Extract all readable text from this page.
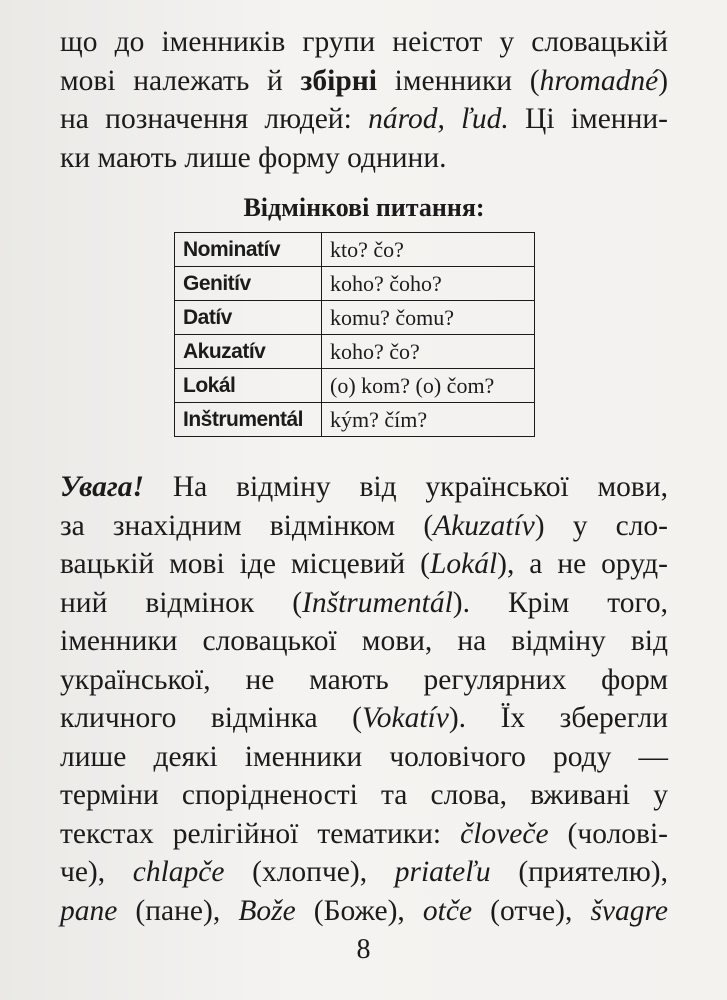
що до іменників групи неістот у словацькій
мові належать й збірні іменники (hromadné)
на позначення людей: národ, ľud. Ці іменни-
ки мають лише форму однини.

Відмінкові питання:
Nominatív	kto? čo?
Genitív	koho? čoho?
Datív	komu? čomu?
Akuzatív	koho? čo?
Lokál	(o) kom? (o) čom?
Inštrumentál	kým? čím?

Увага! На відміну від української мови,
за знахідним відмінком (Akuzatív) у сло-
вацькій мові іде місцевий (Lokál), а не оруд-
ний відмінок (Inštrumentál). Крім того,
іменники словацької мови, на відміну від
української, не мають регулярних форм
кличного відмінка (Vokatív). Їх зберегли
лише деякі іменники чоловічого роду —
терміни спорідненості та слова, вживані у
текстах релігійної тематики: človeče (чолові-
че), chlapče (хлопче), priateľu (приятелю),
pane (пане), Bože (Боже), otče (отче), švagre

8
